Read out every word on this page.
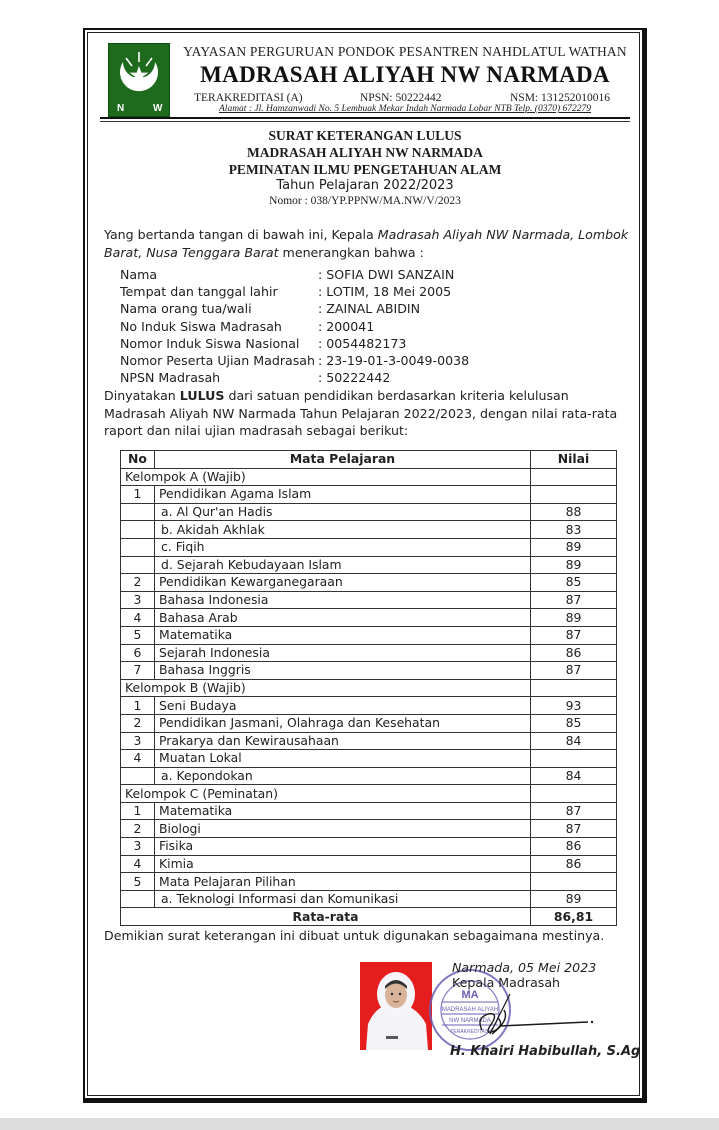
N	W
YAYASAN PERGURUAN PONDOK PESANTREN NAHDLATUL WATHAN
MADRASAH ALIYAH NW NARMADA
TERAKREDITASI (A)	NPSN: 50222442	NSM: 131252010016
Alamat : Jl. Hamzanwadi No. 5 Lembuak Mekar Indah Narmada Lobar NTB Telp. (0370) 672279
SURAT KETERANGAN LULUS
MADRASAH ALIYAH NW NARMADA
PEMINATAN ILMU PENGETAHUAN ALAM
Tahun Pelajaran 2022/2023
Nomor : 038/YP.PPNW/MA.NW/V/2023
Yang bertanda tangan di bawah ini, Kepala Madrasah Aliyah NW Narmada, Lombok Barat, Nusa Tenggara Barat menerangkan bahwa :
Nama	: SOFIA DWI SANZAIN
Tempat dan tanggal lahir	: LOTIM, 18 Mei 2005
Nama orang tua/wali	: ZAINAL ABIDIN
No Induk Siswa Madrasah	: 200041
Nomor Induk Siswa Nasional	: 0054482173
Nomor Peserta Ujian Madrasah : 23-19-01-3-0049-0038
NPSN Madrasah	: 50222442
Dinyatakan LULUS dari satuan pendidikan berdasarkan kriteria kelulusan Madrasah Aliyah NW Narmada Tahun Pelajaran 2022/2023, dengan nilai rata-rata raport dan nilai ujian madrasah sebagai berikut:
No	Mata Pelajaran	Nilai
Kelompok A (Wajib)		
1	Pendidikan Agama Islam	
	a. Al Qur'an Hadis	88
	b. Akidah Akhlak	83
	c. Fiqih	89
	d. Sejarah Kebudayaan Islam	89
2	Pendidikan Kewarganegaraan	85
3	Bahasa Indonesia	87
4	Bahasa Arab	89
5	Matematika	87
6	Sejarah Indonesia	86
7	Bahasa Inggris	87
Kelompok B (Wajib)		
1	Seni Budaya	93
2	Pendidikan Jasmani, Olahraga dan Kesehatan	85
3	Prakarya dan Kewirausahaan	84
4	Muatan Lokal	
	a. Kepondokan	84
Kelompok C (Peminatan)		
1	Matematika	87
2	Biologi	87
3	Fisika	86
4	Kimia	86
5	Mata Pelajaran Pilihan	
	a. Teknologi Informasi dan Komunikasi	89
Rata-rata		86,81
Demikian surat keterangan ini dibuat untuk digunakan sebagaimana mestinya.
MA
MADRASAH ALIYAH
NW NARMADA
TERAKREDITASI
Narmada, 05 Mei 2023
Kepala Madrasah
H. Khairi Habibullah, S.Ag
